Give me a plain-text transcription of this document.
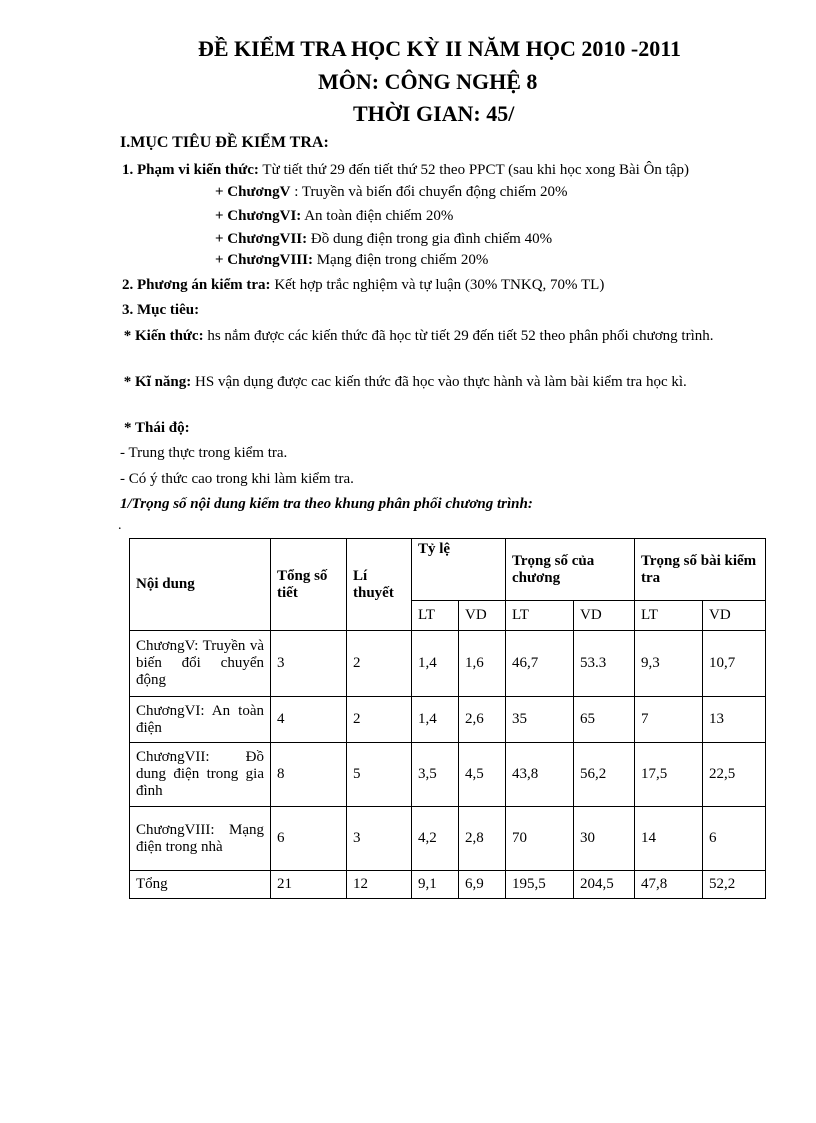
ĐỀ KIỂM TRA HỌC KỲ II NĂM HỌC 2010 -2011
MÔN: CÔNG NGHỆ 8
THỜI GIAN: 45/
I.MỤC TIÊU ĐỀ KIỂM TRA:
1. Phạm vi kiến thức: Từ tiết thứ 29 đến tiết thứ 52 theo PPCT (sau khi học xong Bài Ôn tập)
+ ChươngV : Truyền và biến đổi chuyển động chiếm 20%
+ ChươngVI: An toàn điện chiếm 20%
+ ChươngVII: Đồ dung điện trong gia đình chiếm 40%
+ ChươngVIII: Mạng điện trong chiếm 20%
2. Phương án kiểm tra: Kết hợp trắc nghiệm và tự luận (30% TNKQ, 70% TL)
3. Mục tiêu:
* Kiến thức: hs nắm được các kiến thức đã học từ tiết 29 đến tiết 52 theo phân phối chương trình.
* Kĩ năng: HS vận dụng được cac kiến thức đã học vào thực hành và làm bài kiểm tra học kì.
* Thái độ:
- Trung thực trong kiểm tra.
- Có ý thức cao trong khi làm kiểm tra.
1/Trọng số nội dung kiểm tra theo khung phân phối chương trình:
.
Nội dung	Tổng số tiết	Lí thuyết	Tỷ lệ		Trọng số của chương		Trọng số bài kiểm tra	
			LT	VD	LT	VD	LT	VD
ChươngV: Truyền và biến đổi chuyển động	3	2	1,4	1,6	46,7	53.3	9,3	10,7
ChươngVI: An toàn điện	4	2	1,4	2,6	35	65	7	13
ChươngVII: Đồ dung điện trong gia đình	8	5	3,5	4,5	43,8	56,2	17,5	22,5
ChươngVIII: Mạng điện trong nhà	6	3	4,2	2,8	70	30	14	6
Tổng	21	12	9,1	6,9	195,5	204,5	47,8	52,2
